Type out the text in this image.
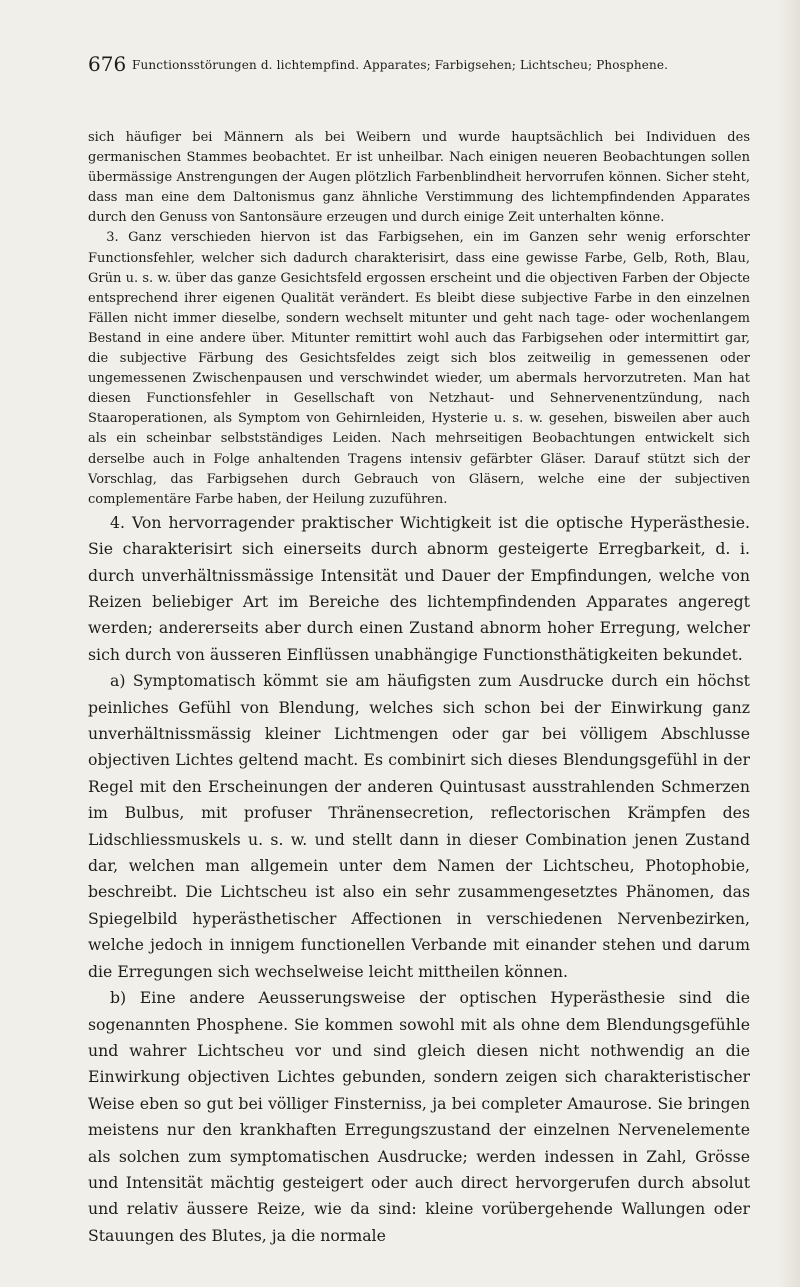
676 Functionsstörungen d. lichtempfind. Apparates; Farbigsehen; Lichtscheu; Phosphene.

sich häufiger bei Männern als bei Weibern und wurde hauptsächlich bei Individuen des germanischen Stammes beobachtet. Er ist unheilbar. Nach einigen neueren Beobachtungen sollen übermässige Anstrengungen der Augen plötzlich Farbenblindheit hervorrufen können. Sicher steht, dass man eine dem Daltonismus ganz ähnliche Verstimmung des lichtempfindenden Apparates durch den Genuss von Santonsäure erzeugen und durch einige Zeit unterhalten könne.

3. Ganz verschieden hiervon ist das Farbigsehen, ein im Ganzen sehr wenig erforschter Functionsfehler, welcher sich dadurch charakterisirt, dass eine gewisse Farbe, Gelb, Roth, Blau, Grün u. s. w. über das ganze Gesichtsfeld ergossen erscheint und die objectiven Farben der Objecte entsprechend ihrer eigenen Qualität verändert. Es bleibt diese subjective Farbe in den einzelnen Fällen nicht immer dieselbe, sondern wechselt mitunter und geht nach tage- oder wochenlangem Bestand in eine andere über. Mitunter remittirt wohl auch das Farbigsehen oder intermittirt gar, die subjective Färbung des Gesichtsfeldes zeigt sich blos zeitweilig in gemessenen oder ungemessenen Zwischenpausen und verschwindet wieder, um abermals hervorzutreten. Man hat diesen Functionsfehler in Gesellschaft von Netzhaut- und Sehnervenentzündung, nach Staaroperationen, als Symptom von Gehirnleiden, Hysterie u. s. w. gesehen, bisweilen aber auch als ein scheinbar selbstständiges Leiden. Nach mehrseitigen Beobachtungen entwickelt sich derselbe auch in Folge anhaltenden Tragens intensiv gefärbter Gläser. Darauf stützt sich der Vorschlag, das Farbigsehen durch Gebrauch von Gläsern, welche eine der subjectiven complementäre Farbe haben, der Heilung zuzuführen.

4. Von hervorragender praktischer Wichtigkeit ist die optische Hyperästhesie. Sie charakterisirt sich einerseits durch abnorm gesteigerte Erregbarkeit, d. i. durch unverhältnissmässige Intensität und Dauer der Empfindungen, welche von Reizen beliebiger Art im Bereiche des lichtempfindenden Apparates angeregt werden; andererseits aber durch einen Zustand abnorm hoher Erregung, welcher sich durch von äusseren Einflüssen unabhängige Functionsthätigkeiten bekundet.

a) Symptomatisch kömmt sie am häufigsten zum Ausdrucke durch ein höchst peinliches Gefühl von Blendung, welches sich schon bei der Einwirkung ganz unverhältnissmässig kleiner Lichtmengen oder gar bei völligem Abschlusse objectiven Lichtes geltend macht. Es combinirt sich dieses Blendungsgefühl in der Regel mit den Erscheinungen der anderen Quintusast ausstrahlenden Schmerzen im Bulbus, mit profuser Thränensecretion, reflectorischen Krämpfen des Lidschliessmuskels u. s. w. und stellt dann in dieser Combination jenen Zustand dar, welchen man allgemein unter dem Namen der Lichtscheu, Photophobie, beschreibt. Die Lichtscheu ist also ein sehr zusammengesetztes Phänomen, das Spiegelbild hyperästhetischer Affectionen in verschiedenen Nervenbezirken, welche jedoch in innigem functionellen Verbande mit einander stehen und darum die Erregungen sich wechselweise leicht mittheilen können.

b) Eine andere Aeusserungsweise der optischen Hyperästhesie sind die sogenannten Phosphene. Sie kommen sowohl mit als ohne dem Blendungsgefühle und wahrer Lichtscheu vor und sind gleich diesen nicht nothwendig an die Einwirkung objectiven Lichtes gebunden, sondern zeigen sich charakteristischer Weise eben so gut bei völliger Finsterniss, ja bei completer Amaurose. Sie bringen meistens nur den krankhaften Erregungszustand der einzelnen Nervenelemente als solchen zum symptomatischen Ausdrucke; werden indessen in Zahl, Grösse und Intensität mächtig gesteigert oder auch direct hervorgerufen durch absolut und relativ äussere Reize, wie da sind: kleine vorübergehende Wallungen oder Stauungen des Blutes, ja die normale
